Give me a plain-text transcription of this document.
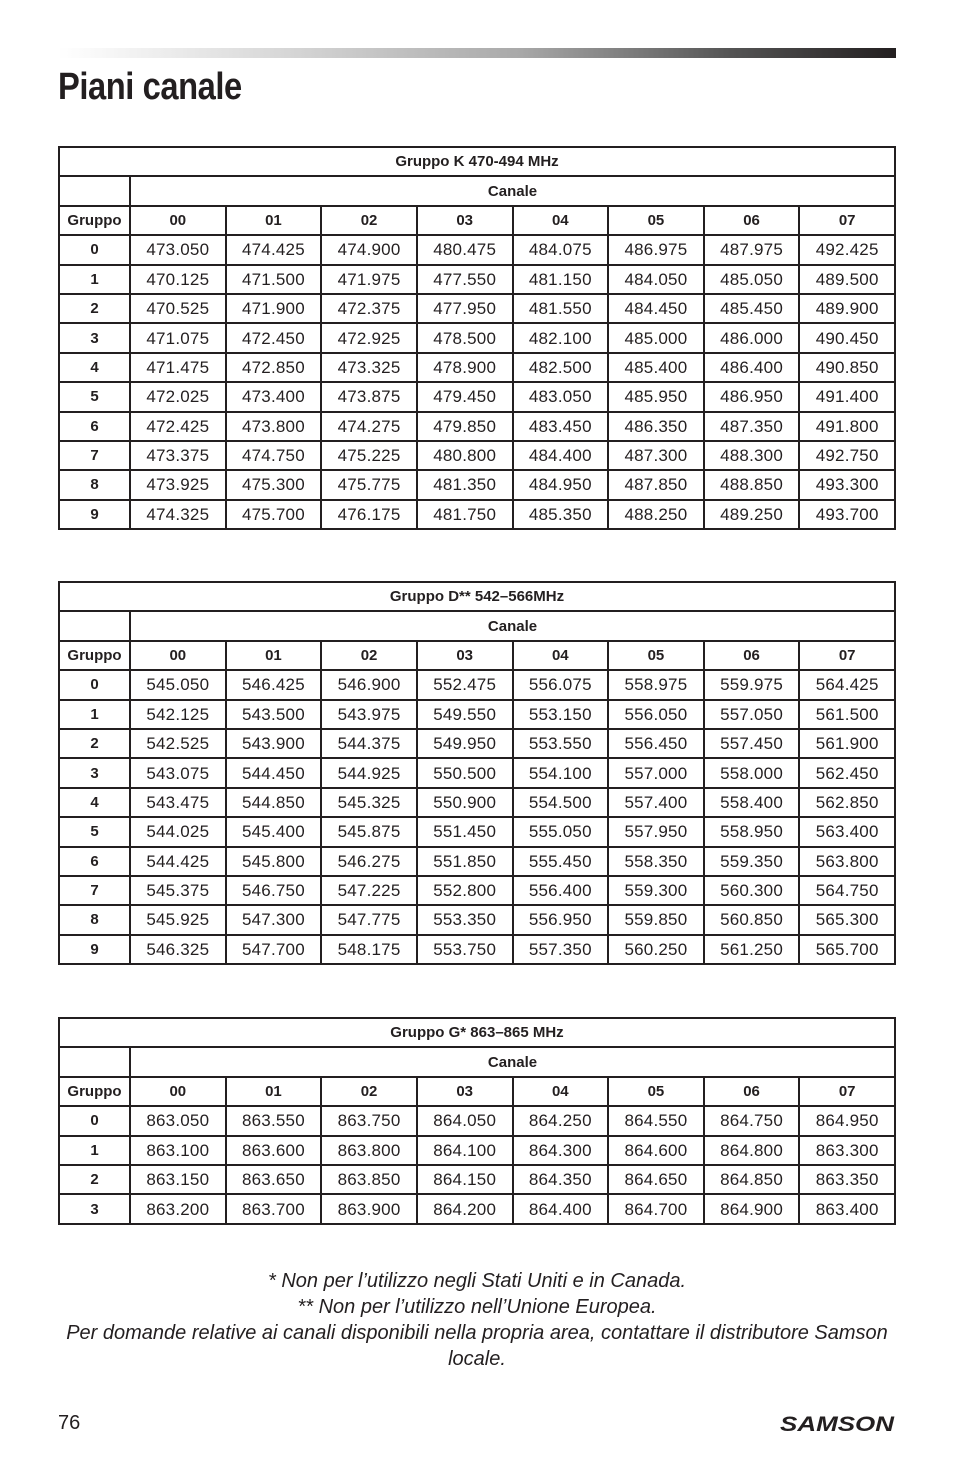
Piani canale
Gruppo K 470-494 MHz								
	Canale							
Gruppo	00	01	02	03	04	05	06	07
0	473.050	474.425	474.900	480.475	484.075	486.975	487.975	492.425
1	470.125	471.500	471.975	477.550	481.150	484.050	485.050	489.500
2	470.525	471.900	472.375	477.950	481.550	484.450	485.450	489.900
3	471.075	472.450	472.925	478.500	482.100	485.000	486.000	490.450
4	471.475	472.850	473.325	478.900	482.500	485.400	486.400	490.850
5	472.025	473.400	473.875	479.450	483.050	485.950	486.950	491.400
6	472.425	473.800	474.275	479.850	483.450	486.350	487.350	491.800
7	473.375	474.750	475.225	480.800	484.400	487.300	488.300	492.750
8	473.925	475.300	475.775	481.350	484.950	487.850	488.850	493.300
9	474.325	475.700	476.175	481.750	485.350	488.250	489.250	493.700
Gruppo D** 542–566MHz								
	Canale							
Gruppo	00	01	02	03	04	05	06	07
0	545.050	546.425	546.900	552.475	556.075	558.975	559.975	564.425
1	542.125	543.500	543.975	549.550	553.150	556.050	557.050	561.500
2	542.525	543.900	544.375	549.950	553.550	556.450	557.450	561.900
3	543.075	544.450	544.925	550.500	554.100	557.000	558.000	562.450
4	543.475	544.850	545.325	550.900	554.500	557.400	558.400	562.850
5	544.025	545.400	545.875	551.450	555.050	557.950	558.950	563.400
6	544.425	545.800	546.275	551.850	555.450	558.350	559.350	563.800
7	545.375	546.750	547.225	552.800	556.400	559.300	560.300	564.750
8	545.925	547.300	547.775	553.350	556.950	559.850	560.850	565.300
9	546.325	547.700	548.175	553.750	557.350	560.250	561.250	565.700
Gruppo G* 863–865 MHz								
	Canale							
Gruppo	00	01	02	03	04	05	06	07
0	863.050	863.550	863.750	864.050	864.250	864.550	864.750	864.950
1	863.100	863.600	863.800	864.100	864.300	864.600	864.800	863.300
2	863.150	863.650	863.850	864.150	864.350	864.650	864.850	863.350
3	863.200	863.700	863.900	864.200	864.400	864.700	864.900	863.400
* Non per l’utilizzo negli Stati Uniti e in Canada.
** Non per l’utilizzo nell’Unione Europea.
Per domande relative ai canali disponibili nella propria area, contattare il distributore Samson locale.
76	SAMSON
